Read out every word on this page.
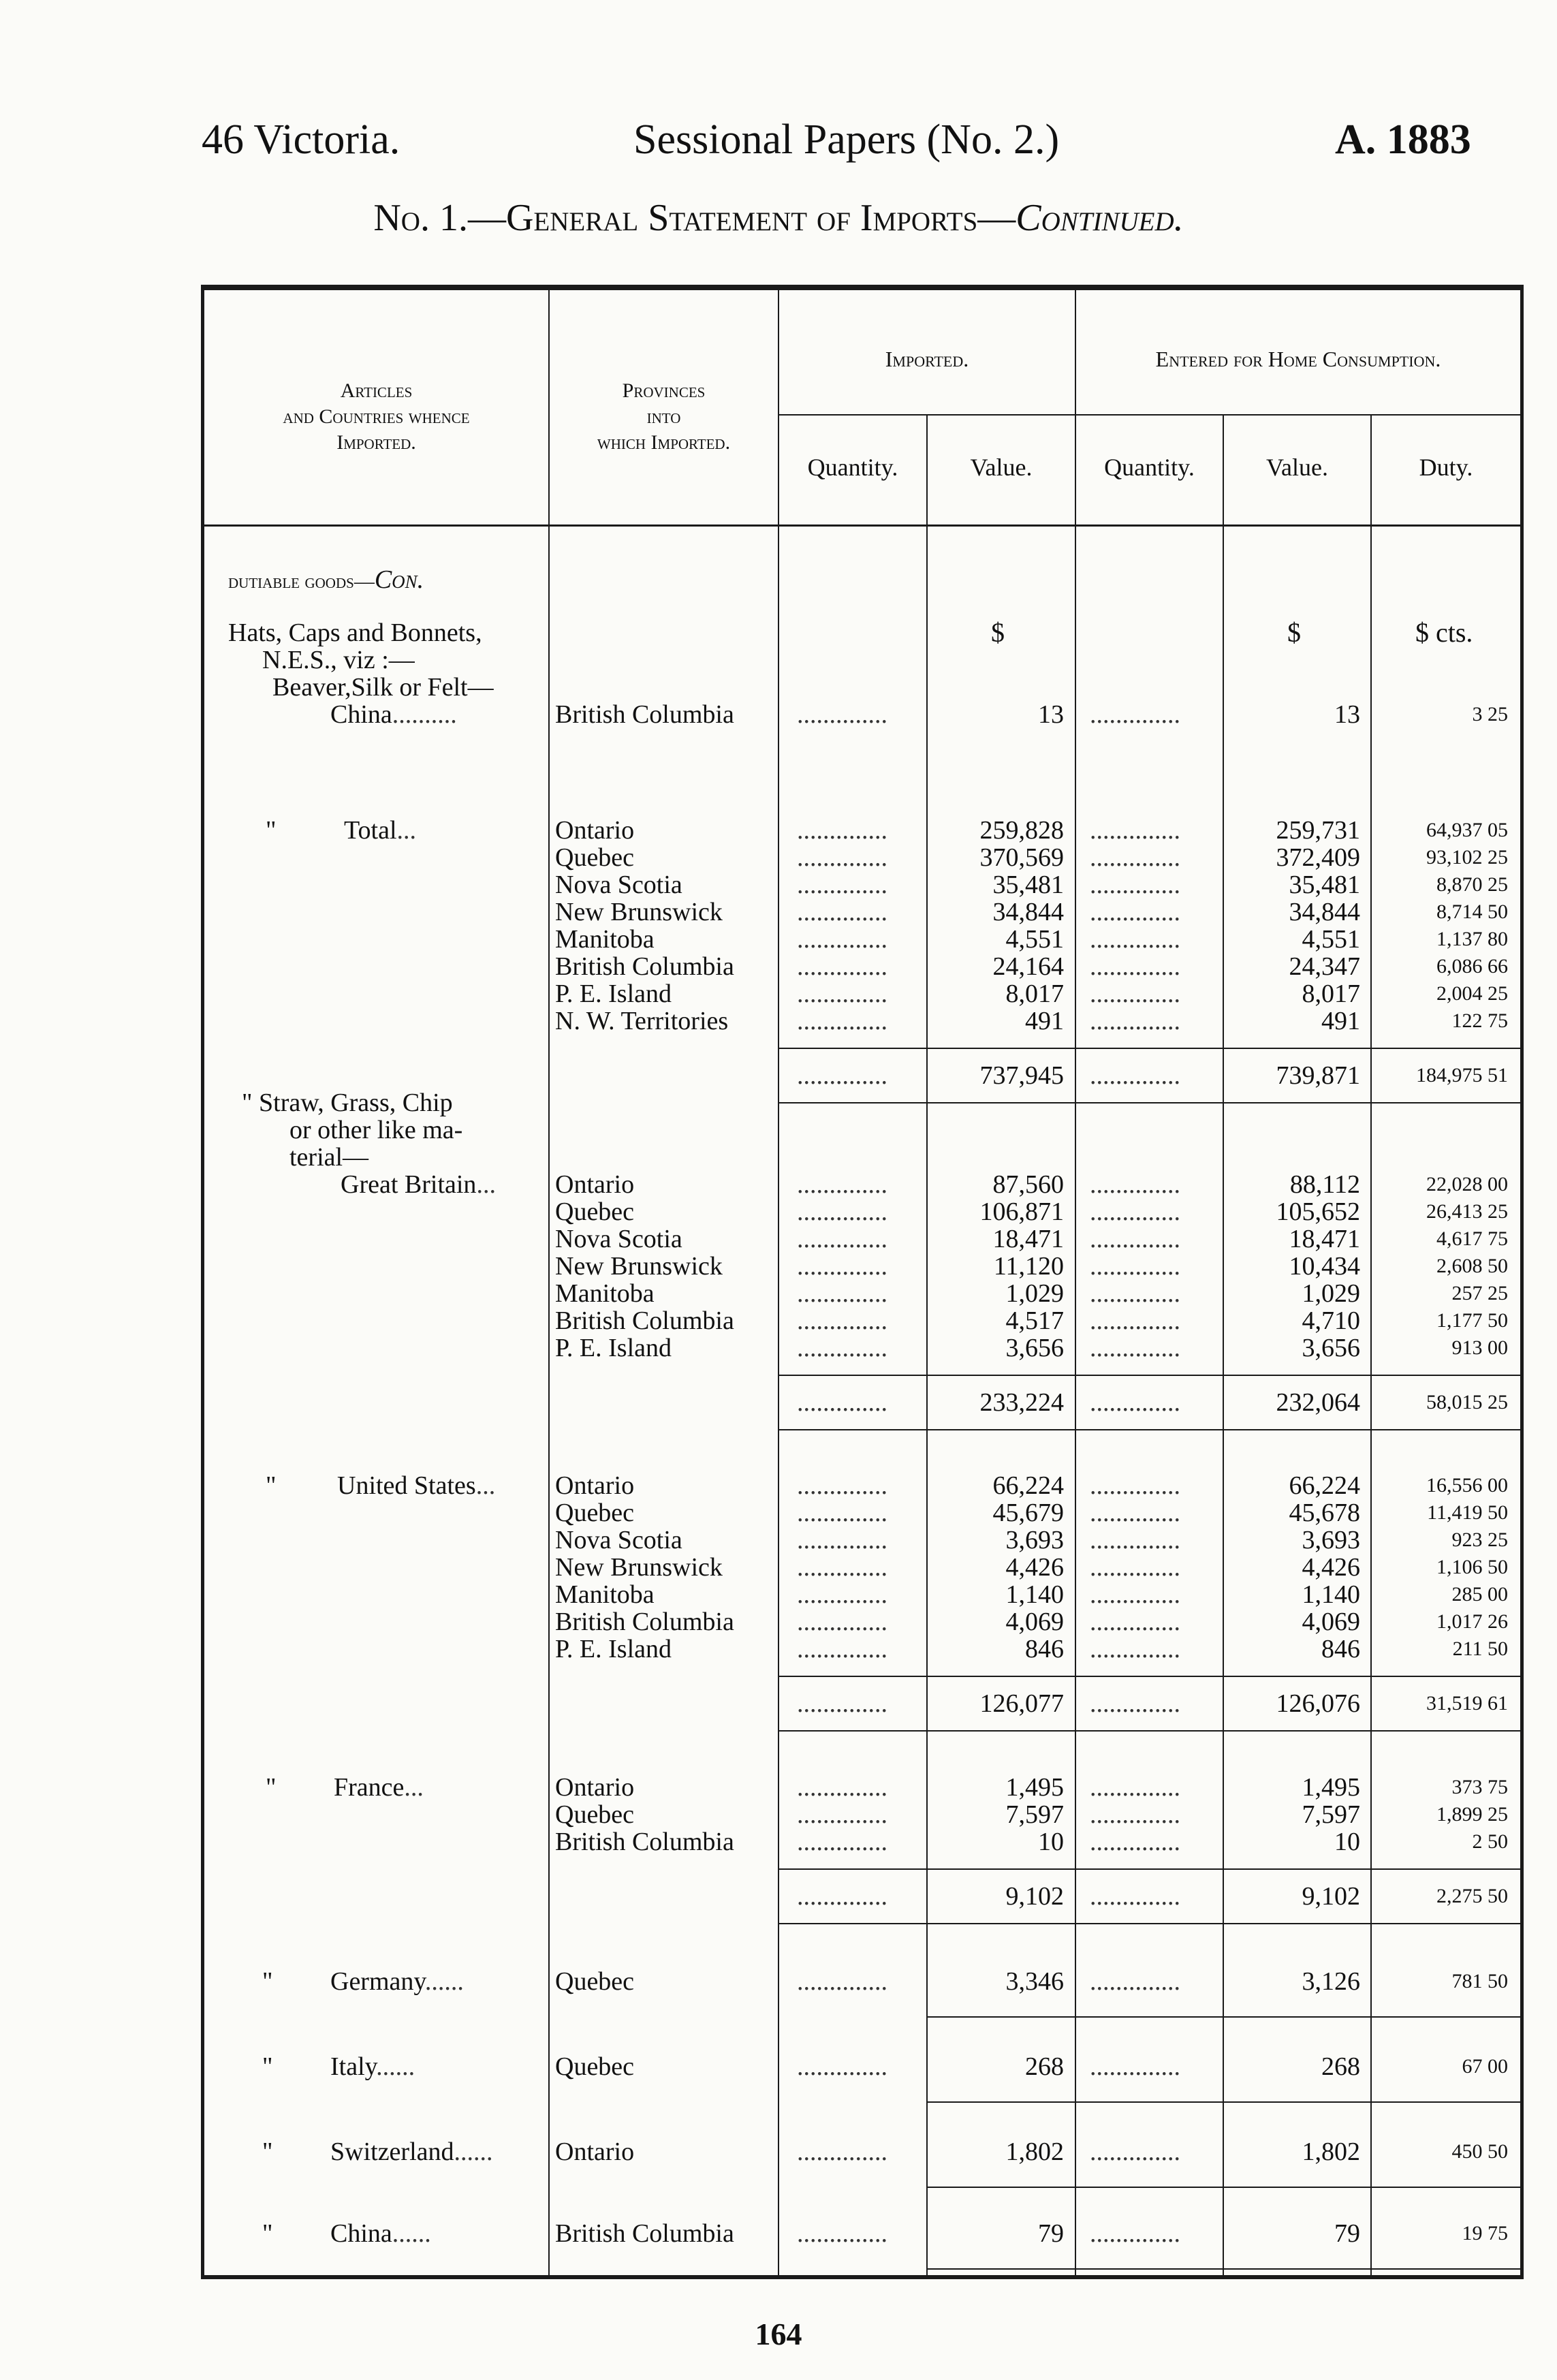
46 Victoria.	Sessional Papers (No. 2.)	A. 1883
No. 1.—General Statement of Imports—Continued.
Articles
and Countries whence
Imported.
Provinces
into
which Imported.
Imported.	Entered for Home Consumption.
Quantity.	Value.	Quantity.	Value.	Duty.
dutiable goods—Con.
$	$	$ cts.
Hats, Caps and Bonnets,
N.E.S., viz :—
Beaver,Silk or Felt—
China..........	British Columbia ..............	13 ..............	13	3 25
"	Total...	Ontario	..............	259,828 ..............	259,731	64,937 05
Quebec	..............	370,569 ..............	372,409	93,102 25
Nova Scotia	..............	35,481 ..............	35,481	8,870 25
New Brunswick	..............	34,844 ..............	34,844	8,714 50
Manitoba	..............	4,551 ..............	4,551	1,137 80
British Columbia ..............	24,164 ..............	24,347	6,086 66
P. E. Island	..............	8,017 ..............	8,017	2,004 25
N. W. Territories	..............	491 ..............	491	122 75
..............	737,945 ..............	739,871	184,975 51
" Straw, Grass, Chip
or other like ma-
terial—
Great Britain... Ontario	..............	87,560 ..............	88,112	22,028 00
Quebec	..............	106,871 ..............	105,652	26,413 25
Nova Scotia	..............	18,471 ..............	18,471	4,617 75
New Brunswick	..............	11,120 ..............	10,434	2,608 50
Manitoba	..............	1,029 ..............	1,029	257 25
British Columbia ..............	4,517 ..............	4,710	1,177 50
P. E. Island	..............	3,656 ..............	3,656	913 00
..............	233,224 ..............	232,064	58,015 25
" United States... Ontario	..............	66,224 ..............	66,224	16,556 00
Quebec	..............	45,679 ..............	45,678	11,419 50
Nova Scotia	..............	3,693 ..............	3,693	923 25
New Brunswick	..............	4,426 ..............	4,426	1,106 50
Manitoba	..............	1,140 ..............	1,140	285 00
British Columbia ..............	4,069 ..............	4,069	1,017 26
P. E. Island	..............	846 ..............	846	211 50
..............	126,077 ..............	126,076	31,519 61
" France...	Ontario	..............	1,495 ..............	1,495	373 75
Quebec	..............	7,597 ..............	7,597	1,899 25
British Columbia ..............	10 ..............	10	2 50
..............	9,102 ..............	9,102	2,275 50
" Germany......	Quebec	..............	3,346 ..............	3,126	781 50
" Italy......	Quebec	..............	268 ..............	268	67 00
" Switzerland...... Ontario	..............	1,802 ..............	1,802	450 50
" China......	British Columbia ..............	79 ..............	79	19 75
164
